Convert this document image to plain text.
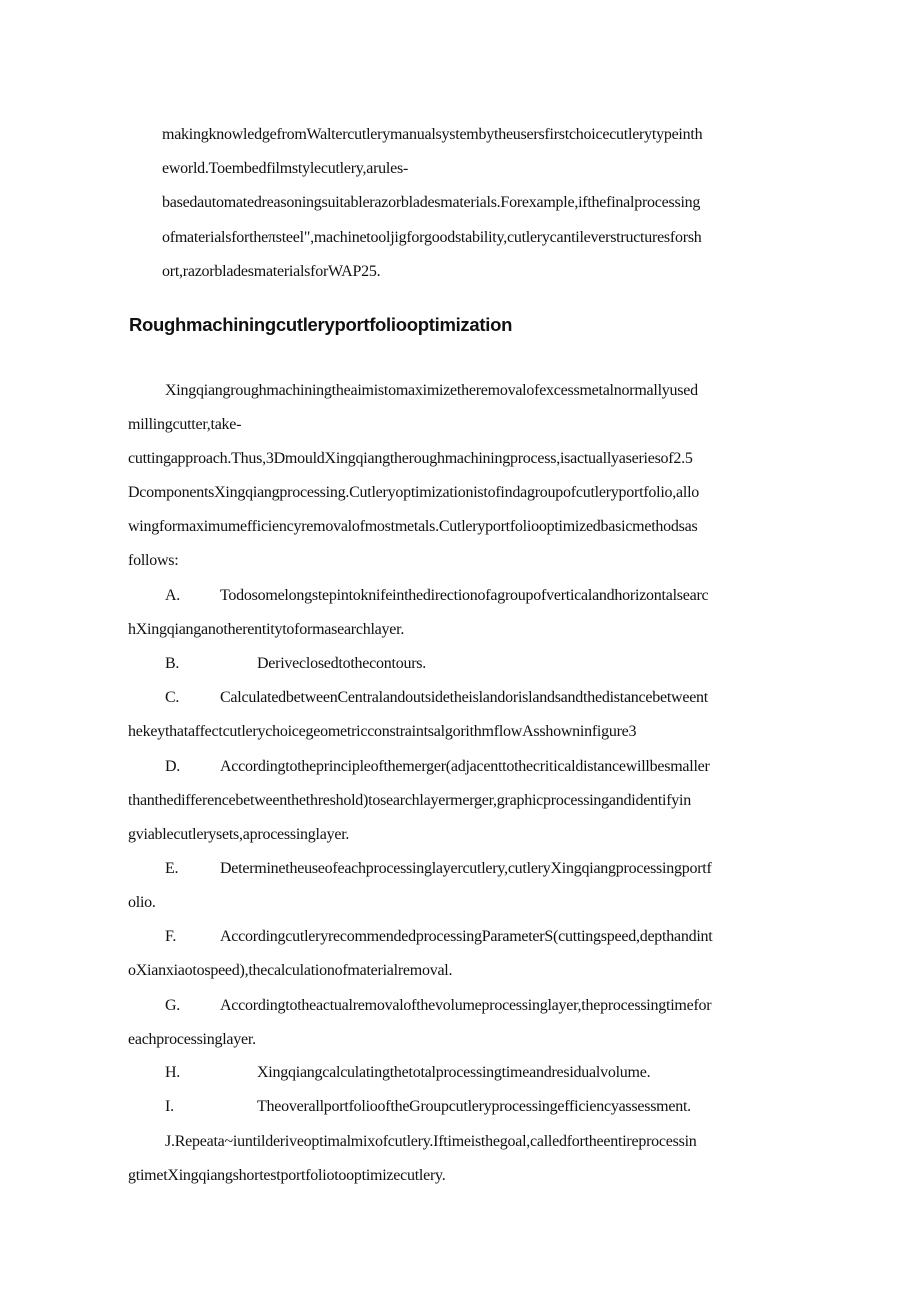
makingknowledgefromWaltercutlerymanualsystembytheusersfirstchoicecutlerytypeinth
eworld.Toembedfilmstylecutlery,arules-
basedautomatedreasoningsuitablerazorbladesmaterials.Forexample,ifthefinalprocessing
ofmaterialsfortheπsteel",machinetooljigforgoodstability,cutlerycantileverstructuresforsh
ort,razorbladesmaterialsforWAP25.
Roughmachiningcutleryportfoliooptimization
Xingqiangroughmachiningtheaimistomaximizetheremovalofexcessmetalnormallyused
millingcutter,take-
cuttingapproach.Thus,3DmouldXingqiangtheroughmachiningprocess,isactuallyaseriesof2.5
DcomponentsXingqiangprocessing.Cutleryoptimizationistofindagroupofcutleryportfolio,allo
wingformaximumefficiencyremovalofmostmetals.Cutleryportfoliooptimizedbasicmethodsas
follows:
A. Todosomelongstepintoknifeinthedirectionofagroupofverticalandhorizontalsearc
hXingqianganotherentitytoformasearchlayer.
B.	Deriveclosedtothecontours.
C.	CalculatedbetweenCentralandoutsidetheislandorislandsandthedistancebetweent
hekeythataffectcutlerychoicegeometricconstraintsalgorithmflowAsshowninfigure3
D. Accordingtotheprincipleofthemerger(adjacenttothecriticaldistancewillbesmaller
thanthedifferencebetweenthethreshold)tosearchlayermerger,graphicprocessingandidentifyin
gviablecutlerysets,aprocessinglayer.
E.	Determinetheuseofeachprocessinglayercutlery,cutleryXingqiangprocessingportf
olio.
F.	AccordingcutleryrecommendedprocessingParameterS(cuttingspeed,depthandint
oXianxiaotospeed),thecalculationofmaterialremoval.
G. Accordingtotheactualremovalofthevolumeprocessinglayer,theprocessingtimefor
eachprocessinglayer.
H.	Xingqiangcalculatingthetotalprocessingtimeandresidualvolume.
I.	TheoverallportfoliooftheGroupcutleryprocessingefficiencyassessment.
J.Repeata~iuntilderiveoptimalmixofcutlery.Iftimeisthegoal,calledfortheentireprocessin
gtimetXingqiangshortestportfoliotooptimizecutlery.
